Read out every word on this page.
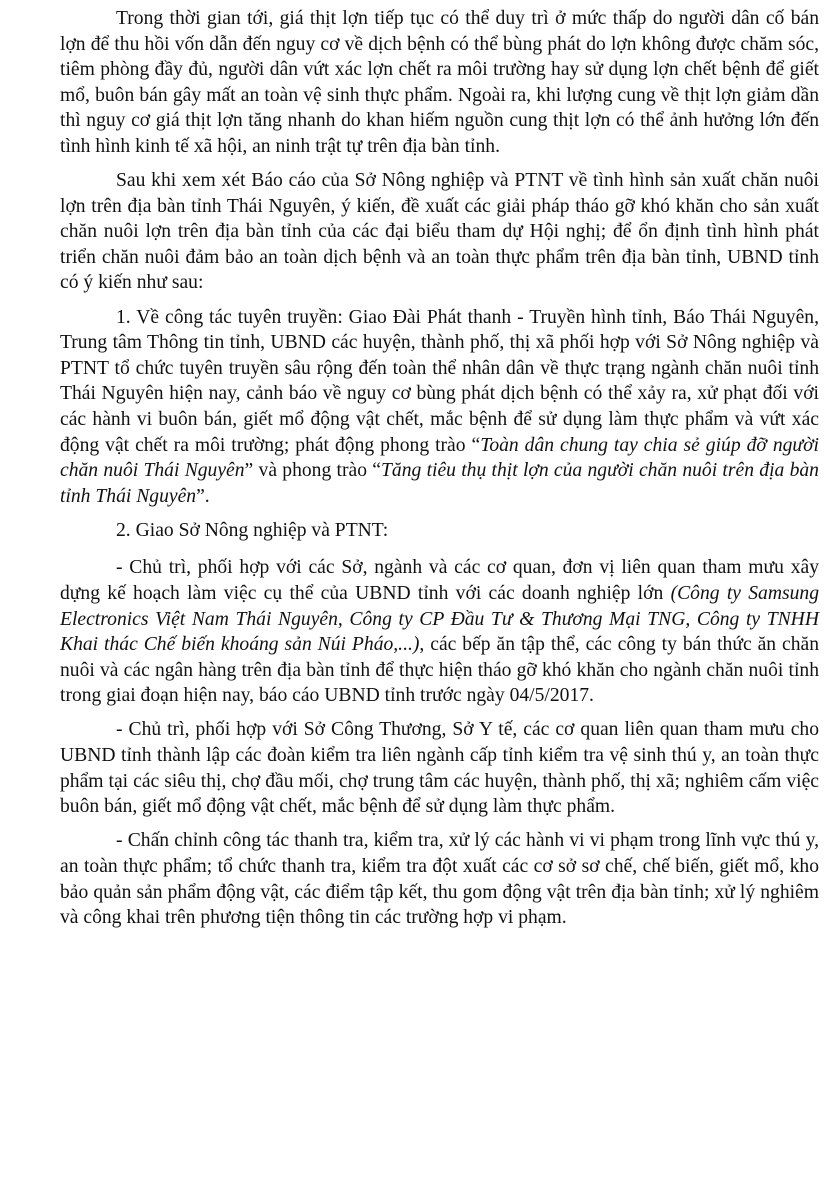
Trong thời gian tới, giá thịt lợn tiếp tục có thể duy trì ở mức thấp do người dân cố bán lợn để thu hồi vốn dẫn đến nguy cơ về dịch bệnh có thể bùng phát do lợn không được chăm sóc, tiêm phòng đầy đủ, người dân vứt xác lợn chết ra môi trường hay sử dụng lợn chết bệnh để giết mổ, buôn bán gây mất an toàn vệ sinh thực phẩm. Ngoài ra, khi lượng cung về thịt lợn giảm dần thì nguy cơ giá thịt lợn tăng nhanh do khan hiếm nguồn cung thịt lợn có thể ảnh hưởng lớn đến tình hình kinh tế xã hội, an ninh trật tự trên địa bàn tỉnh.

Sau khi xem xét Báo cáo của Sở Nông nghiệp và PTNT về tình hình sản xuất chăn nuôi lợn trên địa bàn tỉnh Thái Nguyên, ý kiến, đề xuất các giải pháp tháo gỡ khó khăn cho sản xuất chăn nuôi lợn trên địa bàn tỉnh của các đại biểu tham dự Hội nghị; để ổn định tình hình phát triển chăn nuôi đảm bảo an toàn dịch bệnh và an toàn thực phẩm trên địa bàn tỉnh, UBND tỉnh có ý kiến như sau:

1. Về công tác tuyên truyền: Giao Đài Phát thanh - Truyền hình tỉnh, Báo Thái Nguyên, Trung tâm Thông tin tỉnh, UBND các huyện, thành phố, thị xã phối hợp với Sở Nông nghiệp và PTNT tổ chức tuyên truyền sâu rộng đến toàn thể nhân dân về thực trạng ngành chăn nuôi tỉnh Thái Nguyên hiện nay, cảnh báo về nguy cơ bùng phát dịch bệnh có thể xảy ra, xử phạt đối với các hành vi buôn bán, giết mổ động vật chết, mắc bệnh để sử dụng làm thực phẩm và vứt xác động vật chết ra môi trường; phát động phong trào “Toàn dân chung tay chia sẻ giúp đỡ người chăn nuôi Thái Nguyên” và phong trào “Tăng tiêu thụ thịt lợn của người chăn nuôi trên địa bàn tỉnh Thái Nguyên”.

2. Giao Sở Nông nghiệp và PTNT:

- Chủ trì, phối hợp với các Sở, ngành và các cơ quan, đơn vị liên quan tham mưu xây dựng kế hoạch làm việc cụ thể của UBND tỉnh với các doanh nghiệp lớn (Công ty Samsung Electronics Việt Nam Thái Nguyên, Công ty CP Đầu Tư & Thương Mại TNG, Công ty TNHH Khai thác Chế biến khoáng sản Núi Pháo,...), các bếp ăn tập thể, các công ty bán thức ăn chăn nuôi và các ngân hàng trên địa bàn tỉnh để thực hiện tháo gỡ khó khăn cho ngành chăn nuôi tỉnh trong giai đoạn hiện nay, báo cáo UBND tỉnh trước ngày 04/5/2017.

- Chủ trì, phối hợp với Sở Công Thương, Sở Y tế, các cơ quan liên quan tham mưu cho UBND tỉnh thành lập các đoàn kiểm tra liên ngành cấp tỉnh kiểm tra vệ sinh thú y, an toàn thực phẩm tại các siêu thị, chợ đầu mối, chợ trung tâm các huyện, thành phố, thị xã; nghiêm cấm việc buôn bán, giết mổ động vật chết, mắc bệnh để sử dụng làm thực phẩm.

- Chấn chỉnh công tác thanh tra, kiểm tra, xử lý các hành vi vi phạm trong lĩnh vực thú y, an toàn thực phẩm; tổ chức thanh tra, kiểm tra đột xuất các cơ sở sơ chế, chế biến, giết mổ, kho bảo quản sản phẩm động vật, các điểm tập kết, thu gom động vật trên địa bàn tỉnh; xử lý nghiêm và công khai trên phương tiện thông tin các trường hợp vi phạm.
